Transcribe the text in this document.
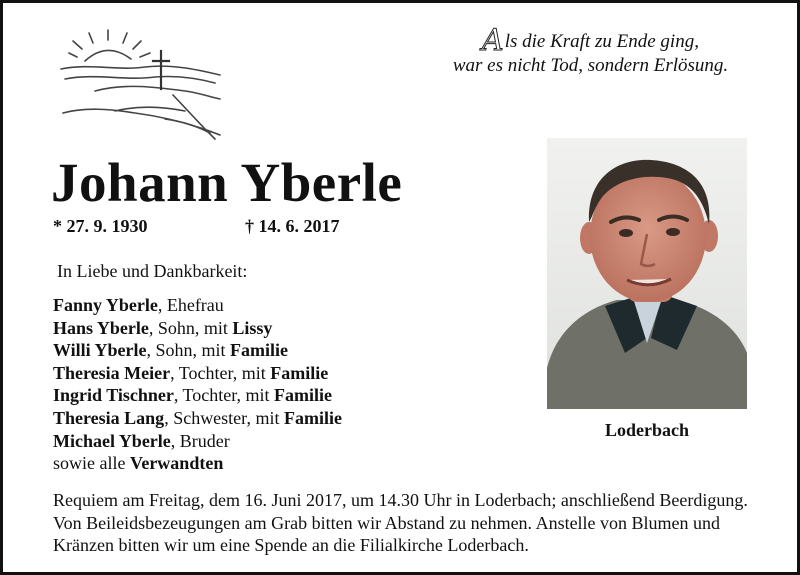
Als die Kraft zu Ende ging,
war es nicht Tod, sondern Erlösung.
Johann Yberle
* 27. 9. 1930	† 14. 6. 2017
In Liebe und Dankbarkeit:
Fanny Yberle, Ehefrau
Hans Yberle, Sohn, mit Lissy
Willi Yberle, Sohn, mit Familie
Theresia Meier, Tochter, mit Familie
Ingrid Tischner, Tochter, mit Familie
Theresia Lang, Schwester, mit Familie
Michael Yberle, Bruder
sowie alle Verwandten
Loderbach
Requiem am Freitag, dem 16. Juni 2017, um 14.30 Uhr in Loderbach; anschließend Beerdigung. Von Beileidsbezeugungen am Grab bitten wir Abstand zu nehmen. Anstelle von Blumen und Kränzen bitten wir um eine Spende an die Filialkirche Loderbach.
